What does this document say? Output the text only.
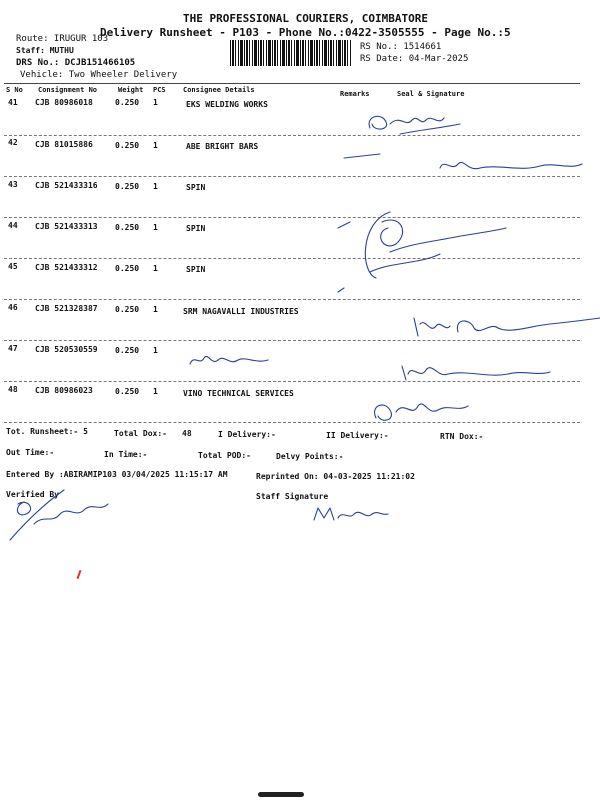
THE PROFESSIONAL COURIERS, COIMBATORE
Delivery Runsheet - P103 - Phone No.:0422-3505555 - Page No.:5
Route: IRUGUR 103
Staff: MUTHU
DRS No.: DCJB151466105
Vehicle: Two Wheeler Delivery
RS No.: 1514661
RS Date: 04-Mar-2025
S No Consignment No	Weight PCS Consignee Details	Remarks	Seal & Signature
41 CJB 80986018	0.250 1	EKS WELDING WORKS
42 CJB 81015886	0.250 1	ABE BRIGHT BARS
43 CJB 521433316 0.250 1	SPIN
44 CJB 521433313 0.250 1	SPIN
45 CJB 521433312 0.250 1	SPIN
46 CJB 521328387 0.250 1	SRM NAGAVALLI INDUSTRIES
47 CJB 520530559 0.250 1
48 CJB 80986023	0.250 1	VINO TECHNICAL SERVICES
Tot. Runsheet:- 5	Total Dox:- 48	I Delivery:-	II Delivery:-	RTN Dox:-
Out Time:-	In Time:-	Total POD:-	Delvy Points:-
Entered By :ABIRAMIP103 03/04/2025 11:15:17 AM	Reprinted On: 04-03-2025 11:21:02
Verified By	Staff Signature
